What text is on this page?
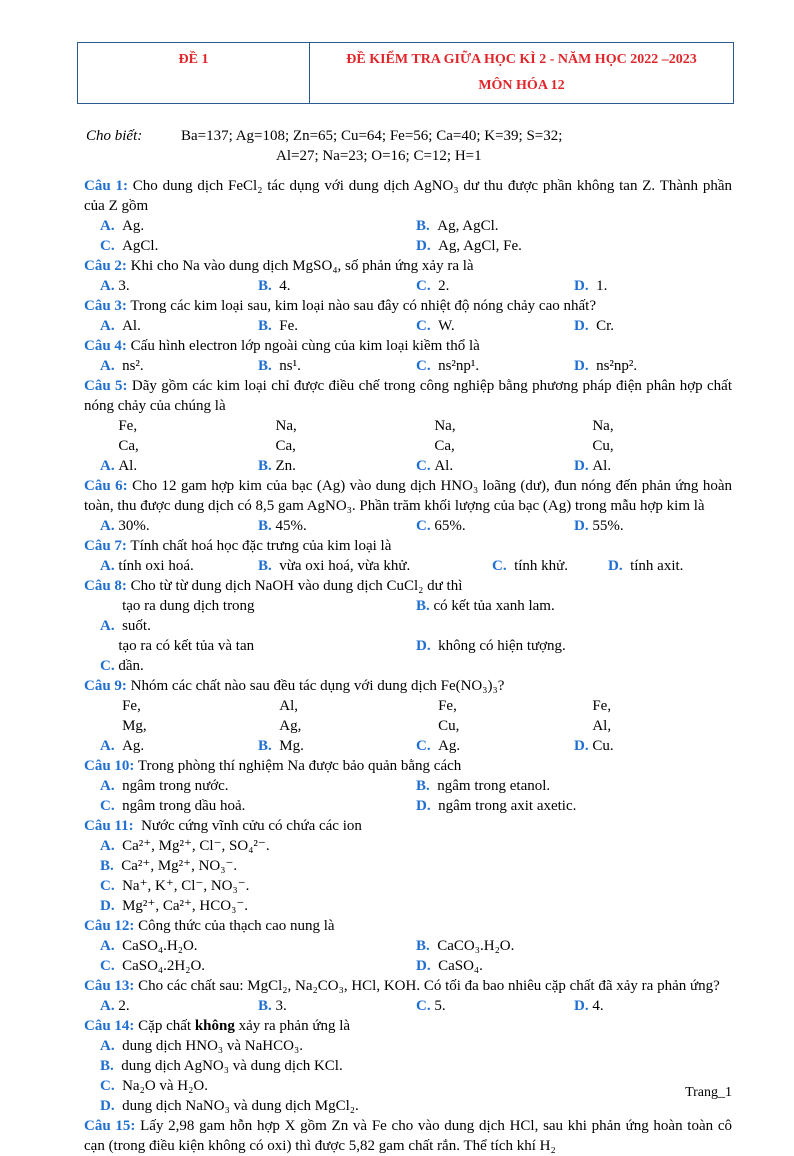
ĐỀ 1	ĐỀ KIỂM TRA GIỮA HỌC KÌ 2 - NĂM HỌC 2022 –2023
MÔN HÓA 12
Cho biết:	Ba=137; Ag=108; Zn=65; Cu=64; Fe=56; Ca=40; K=39; S=32;
Al=27; Na=23; O=16; C=12; H=1
Câu 1: Cho dung dịch FeCl₂ tác dụng với dung dịch AgNO₃ dư thu được phần không tan Z. Thành phần của Z gồm
A. Ag.	B. Ag, AgCl.
C. AgCl.	D. Ag, AgCl, Fe.
Câu 2: Khi cho Na vào dung dịch MgSO₄, số phản ứng xảy ra là
A. 3.	B. 4.	C. 2.	D. 1.
Câu 3: Trong các kim loại sau, kim loại nào sau đây có nhiệt độ nóng chảy cao nhất?
A. Al.	B. Fe.	C. W.	D. Cr.
Câu 4: Cấu hình electron lớp ngoài cùng của kim loại kiềm thổ là
A. ns².	B. ns¹.	C. ns²np¹.	D. ns²np².
Câu 5: Dãy gồm các kim loại chỉ được điều chế trong công nghiệp bằng phương pháp điện phân hợp chất nóng chảy của chúng là
A. Fe, Ca, Al.	B. Na, Ca, Zn.	C. Na, Ca, Al.	D. Na, Cu, Al.
Câu 6: Cho 12 gam hợp kim của bạc (Ag) vào dung dịch HNO₃ loãng (dư), đun nóng đến phản ứng hoàn toàn, thu được dung dịch có 8,5 gam AgNO₃. Phần trăm khối lượng của bạc (Ag) trong mẫu hợp kim là
A. 30%.	B. 45%.	C. 65%.	D. 55%.
Câu 7: Tính chất hoá học đặc trưng của kim loại là
A. tính oxi hoá.	B. vừa oxi hoá, vừa khử.	C. tính khử.	D. tính axit.
Câu 8: Cho từ từ dung dịch NaOH vào dung dịch CuCl₂ dư thì
A.  tạo ra dung dịch trong suốt.
B. có kết tủa xanh lam.
C. tạo ra có kết tủa và tan dần.
D. không có hiện tượng.
Câu 9: Nhóm các chất nào sau đều tác dụng với dung dịch Fe(NO₃)₃?
A.  Fe, Mg, Ag.	B.  Al, Ag, Mg.	C.  Fe, Cu, Ag.	D. Fe, Al, Cu.
Câu 10: Trong phòng thí nghiệm Na được bảo quản bằng cách
A. ngâm trong nước.	B. ngâm trong etanol.
C. ngâm trong dầu hoả.	D. ngâm trong axit axetic.
Câu 11: Nước cứng vĩnh cửu có chứa các ion
A. Ca²⁺, Mg²⁺, Cl⁻, SO₄²⁻.
B. Ca²⁺, Mg²⁺, NO₃⁻.
C. Na⁺, K⁺, Cl⁻, NO₃⁻.
D. Mg²⁺, Ca²⁺, HCO₃⁻.
Câu 12: Công thức của thạch cao nung là
A. CaSO₄.H₂O.	B. CaCO₃.H₂O.
C. CaSO₄.2H₂O.	D. CaSO₄.
Câu 13: Cho các chất sau: MgCl₂, Na₂CO₃, HCl, KOH. Có tối đa bao nhiêu cặp chất đã xảy ra phản ứng?
A. 2.	B. 3.	C. 5.	D. 4.
Câu 14: Cặp chất không xảy ra phản ứng là
A. dung dịch HNO₃ và NaHCO₃.
B. dung dịch AgNO₃ và dung dịch KCl.
C. Na₂O và H₂O.
D. dung dịch NaNO₃ và dung dịch MgCl₂.
Câu 15: Lấy 2,98 gam hỗn hợp X gồm Zn và Fe cho vào dung dịch HCl, sau khi phản ứng hoàn toàn cô cạn (trong điều kiện không có oxi) thì được 5,82 gam chất rắn. Thể tích khí H₂
Trang_1
